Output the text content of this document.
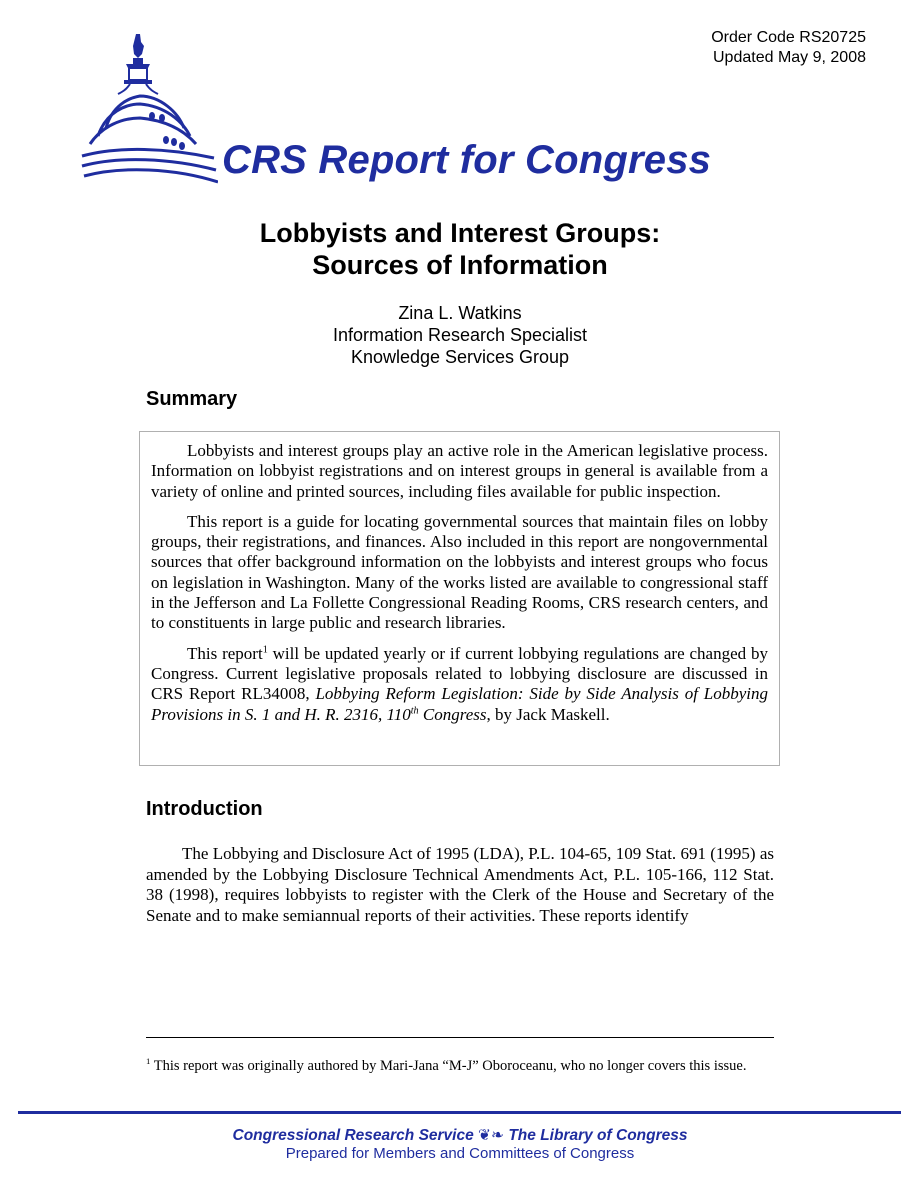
Order Code RS20725
Updated May 9, 2008
CRS Report for Congress
Lobbyists and Interest Groups:
Sources of Information
Zina L. Watkins
Information Research Specialist
Knowledge Services Group
Summary

Lobbyists and interest groups play an active role in the American legislative process. Information on lobbyist registrations and on interest groups in general is available from a variety of online and printed sources, including files available for public inspection.

This report is a guide for locating governmental sources that maintain files on lobby groups, their registrations, and finances. Also included in this report are nongovernmental sources that offer background information on the lobbyists and interest groups who focus on legislation in Washington. Many of the works listed are available to congressional staff in the Jefferson and La Follette Congressional Reading Rooms, CRS research centers, and to constituents in large public and research libraries.

This report$^1$ will be updated yearly or if current lobbying regulations are changed by Congress. Current legislative proposals related to lobbying disclosure are discussed in CRS Report RL34008, Lobbying Reform Legislation: Side by Side Analysis of Lobbying Provisions in S. 1 and H. R. 2316, 110th Congress, by Jack Maskell.

Introduction

The Lobbying and Disclosure Act of 1995 (LDA), P.L. 104-65, 109 Stat. 691 (1995) as amended by the Lobbying Disclosure Technical Amendments Act, P.L. 105-166, 112 Stat. 38 (1998), requires lobbyists to register with the Clerk of the House and Secretary of the Senate and to make semiannual reports of their activities. These reports identify

$^1$ This report was originally authored by Mari-Jana “M-J” Oboroceanu, who no longer covers this issue.

Congressional Research Service ❦❧ The Library of Congress
Prepared for Members and Committees of Congress
